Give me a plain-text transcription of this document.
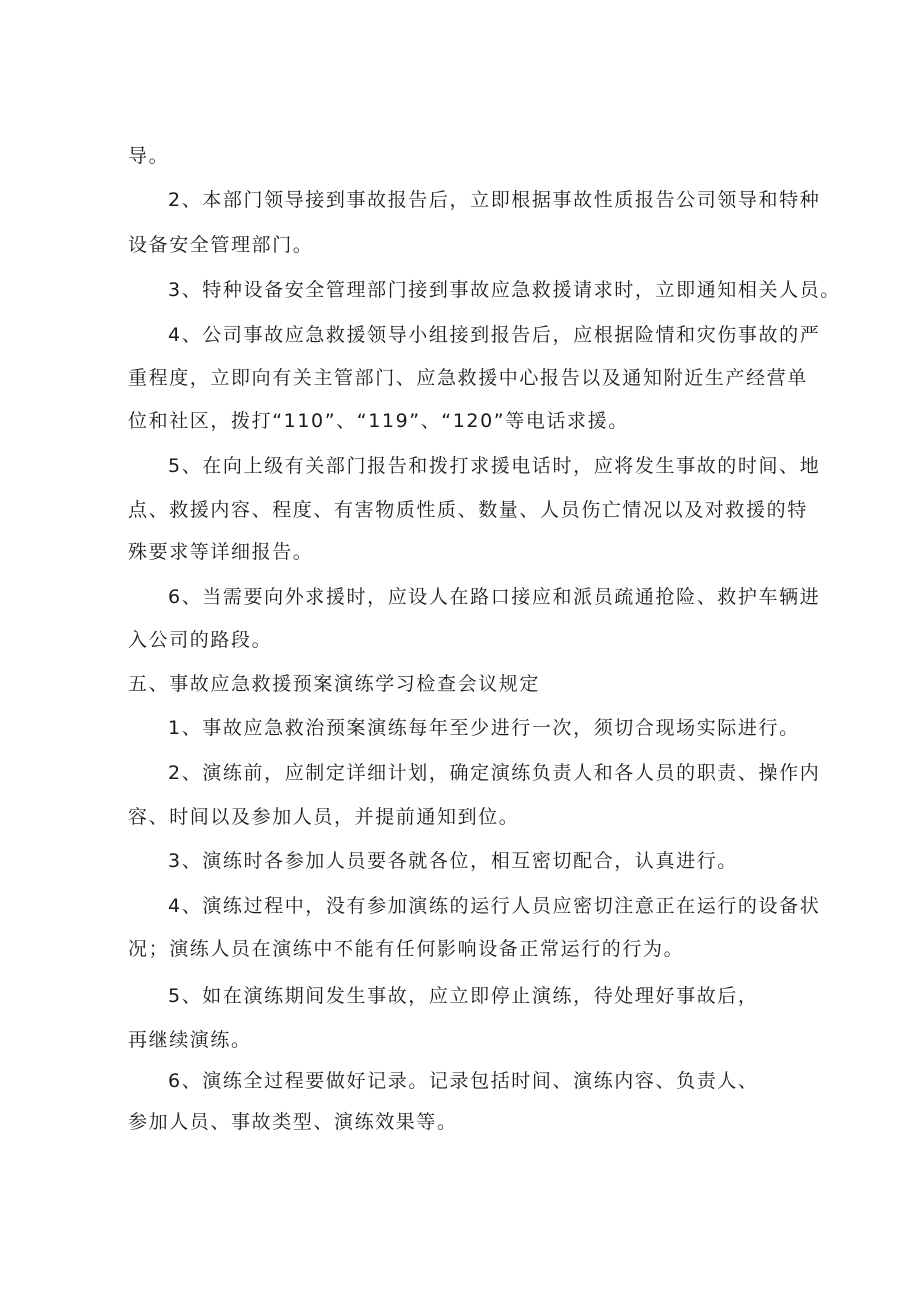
导。
2、本部门领导接到事故报告后，立即根据事故性质报告公司领导和特种
设备安全管理部门。
3、特种设备安全管理部门接到事故应急救援请求时，立即通知相关人员。
4、公司事故应急救援领导小组接到报告后，应根据险情和灾伤事故的严
重程度，立即向有关主管部门、应急救援中心报告以及通知附近生产经营单
位和社区，拨打“110”、“119”、“120”等电话求援。
5、在向上级有关部门报告和拨打求援电话时，应将发生事故的时间、地
点、救援内容、程度、有害物质性质、数量、人员伤亡情况以及对救援的特
殊要求等详细报告。
6、当需要向外求援时，应设人在路口接应和派员疏通抢险、救护车辆进
入公司的路段。
五、事故应急救援预案演练学习检查会议规定
1、事故应急救治预案演练每年至少进行一次，须切合现场实际进行。
2、演练前，应制定详细计划，确定演练负责人和各人员的职责、操作内
容、时间以及参加人员，并提前通知到位。
3、演练时各参加人员要各就各位，相互密切配合，认真进行。
4、演练过程中，没有参加演练的运行人员应密切注意正在运行的设备状
况；演练人员在演练中不能有任何影响设备正常运行的行为。
5、如在演练期间发生事故，应立即停止演练，待处理好事故后，
再继续演练。
6、演练全过程要做好记录。记录包括时间、演练内容、负责人、
参加人员、事故类型、演练效果等。
